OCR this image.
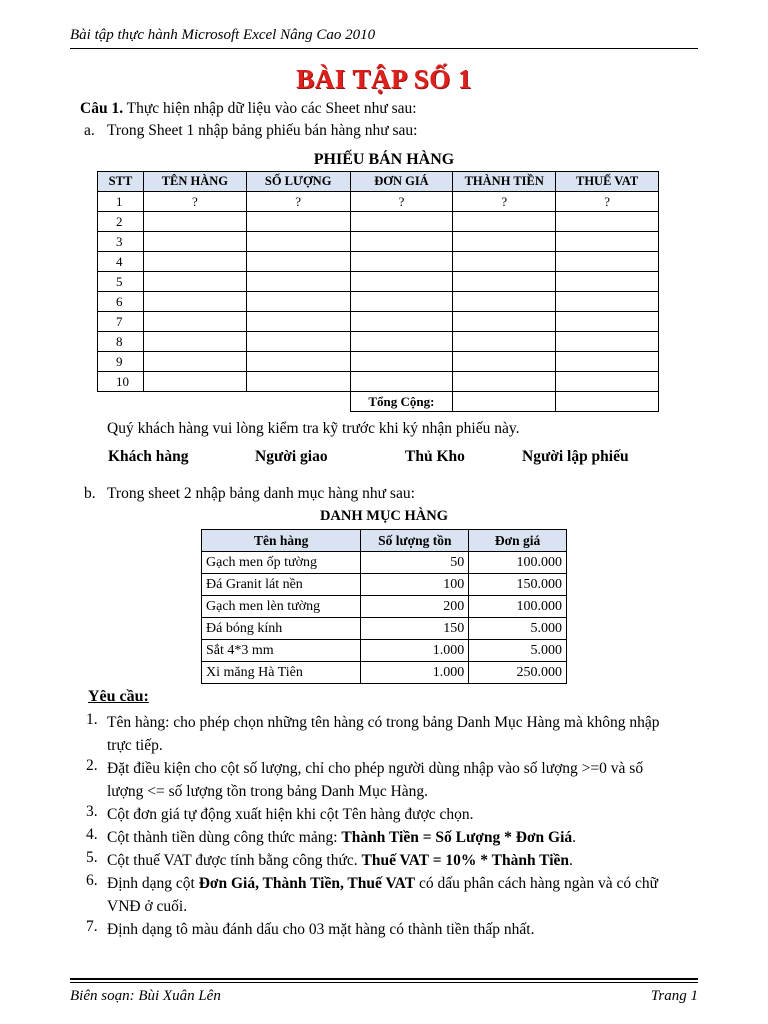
Bài tập thực hành Microsoft Excel Nâng Cao 2010
BÀI TẬP SỐ 1
Câu 1. Thực hiện nhập dữ liệu vào các Sheet như sau:
a. Trong Sheet 1 nhập bảng phiếu bán hàng như sau:
PHIẾU BÁN HÀNG
STT	TÊN HÀNG	SỐ LƯỢNG	ĐƠN GIÁ	THÀNH TIỀN	THUẾ VAT
1	?	?	?	?	?
2					
3					
4					
5					
6					
7					
8					
9					
10					
			Tổng Cộng:		
Quý khách hàng vui lòng kiểm tra kỹ trước khi ký nhận phiếu này.
Khách hàng	Người giao	Thủ Kho	Người lập phiếu
b. Trong sheet 2 nhập bảng danh mục hàng như sau:
DANH MỤC HÀNG
Tên hàng	Số lượng tồn	Đơn giá
Gạch men ốp tường	50	100.000
Đá Granit lát nền	100	150.000
Gạch men lèn tường	200	100.000
Đá bóng kính	150	5.000
Sắt 4*3 mm	1.000	5.000
Xi măng Hà Tiên	1.000	250.000
Yêu cầu:
1. Tên hàng: cho phép chọn những tên hàng có trong bảng Danh Mục Hàng mà không nhập
trực tiếp.
2. Đặt điều kiện cho cột số lượng, chỉ cho phép người dùng nhập vào số lượng >=0 và số
lượng <= số lượng tồn trong bảng Danh Mục Hàng.
3. Cột đơn giá tự động xuất hiện khi cột Tên hàng được chọn.
4. Cột thành tiền dùng công thức mảng: Thành Tiền = Số Lượng * Đơn Giá.
5. Cột thuế VAT được tính bằng công thức. Thuế VAT = 10% * Thành Tiền.
6. Định dạng cột Đơn Giá, Thành Tiền, Thuế VAT có dấu phân cách hàng ngàn và có chữ
VNĐ ở cuối.
7. Định dạng tô màu đánh dấu cho 03 mặt hàng có thành tiền thấp nhất.
Biên soạn: Bùi Xuân Lên	Trang 1
